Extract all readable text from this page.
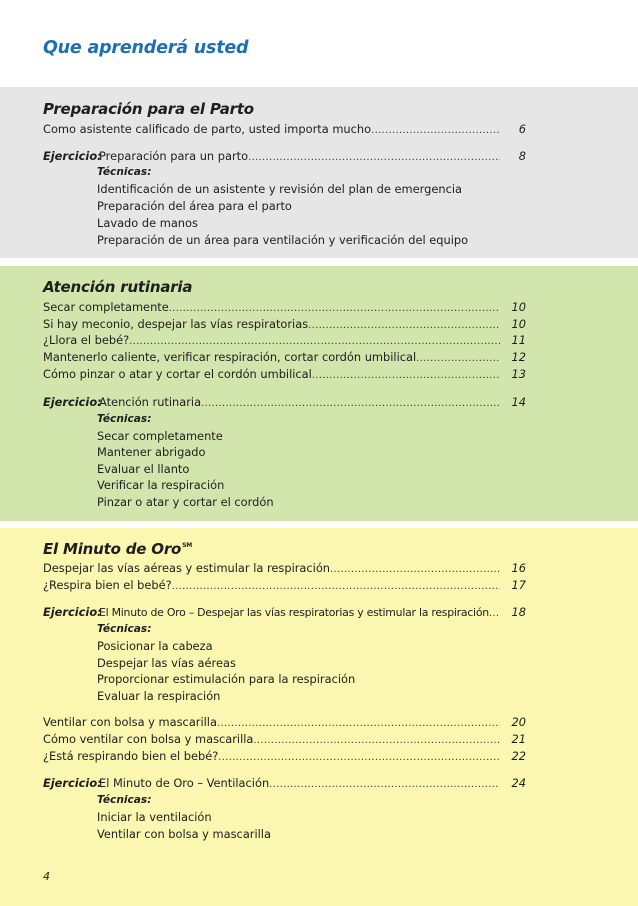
Que aprenderá usted
Preparación para el Parto
Como asistente calificado de parto, usted importa mucho .....	6
Ejercicio:
Preparación para un parto .....	8
Técnicas:
Identificación de un asistente y revisión del plan de emergencia
Preparación del área para el parto
Lavado de manos
Preparación de un área para ventilación y verificación del equipo
Atención rutinaria
Secar completamente .....	10
Si hay meconio, despejar las vías respiratorias .....	10
¿Llora el bebé? .....	11
Mantenerlo caliente, verificar respiración, cortar cordón umbilical .....	12
Cómo pinzar o atar y cortar el cordón umbilical .....	13
Ejercicio:
Atención rutinaria .....	14
Técnicas:
Secar completamente
Mantener abrigado
Evaluar el llanto
Verificar la respiración
Pinzar o atar y cortar el cordón
El Minuto de Oro℠
Despejar las vías aéreas y estimular la respiración .....	16
¿Respira bien el bebé? .....	17
Ejercicio:
El Minuto de Oro – Despejar las vías respiratorias y estimular la respiración .....	18
Técnicas:
Posicionar la cabeza
Despejar las vías aéreas
Proporcionar estimulación para la respiración
Evaluar la respiración
Ventilar con bolsa y mascarilla .....	20
Cómo ventilar con bolsa y mascarilla .....	21
¿Está respirando bien el bebé? .....	22
Ejercicio:
El Minuto de Oro – Ventilación .....	24
Técnicas:
Iniciar la ventilación
Ventilar con bolsa y mascarilla
4
